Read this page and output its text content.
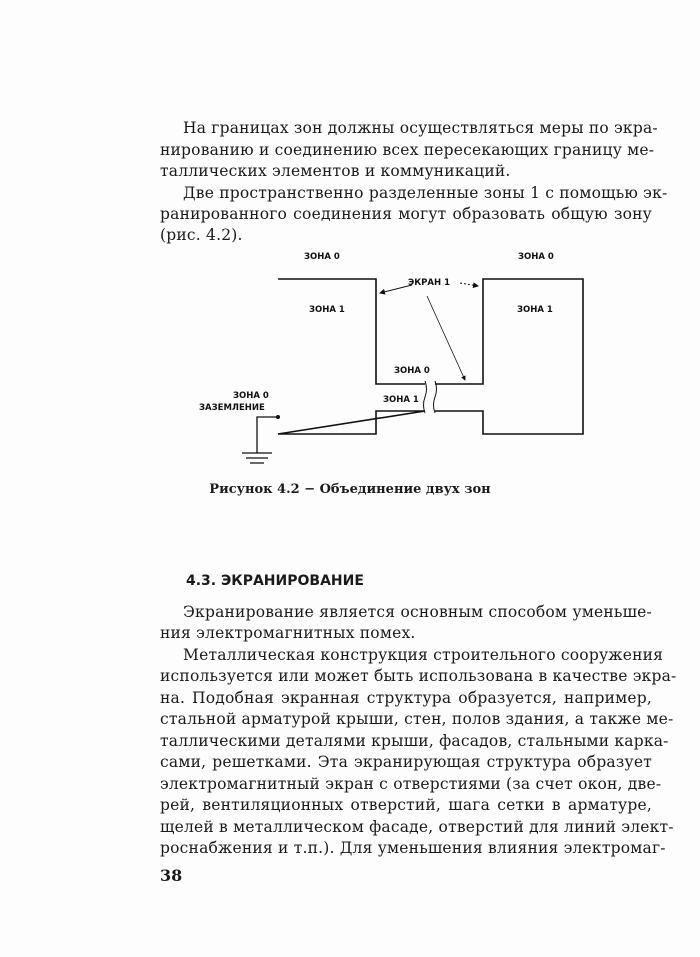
На границах зон должны осуществляться меры по экра-
нированию и соединению всех пересекающих границу ме-
таллических элементов и коммуникаций.
Две пространственно разделенные зоны 1 с помощью эк-
ранированного соединения могут образовать общую зону
(рис. 4.2).
ЗОНА 0	ЗОНА 0
ЭКРАН 1
ЗОНА 1	ЗОНА 1
ЗОНА 0
ЗОНА 1
ЗОНА 0
ЗАЗЕМЛЕНИЕ
Рисунок 4.2 − Объединение двух зон
4.3. ЭКРАНИРОВАНИЕ
Экранирование является основным способом уменьше-
ния электромагнитных помех.
Металлическая конструкция строительного сооружения
используется или может быть использована в качестве экра-
на. Подобная экранная структура образуется, например,
стальной арматурой крыши, стен, полов здания, а также ме-
таллическими деталями крыши, фасадов, стальными карка-
сами, решетками. Эта экранирующая структура образует
электромагнитный экран с отверстиями (за счет окон, две-
рей, вентиляционных отверстий, шага сетки в арматуре,
щелей в металлическом фасаде, отверстий для линий элект-
роснабжения и т.п.). Для уменьшения влияния электромаг-
38
